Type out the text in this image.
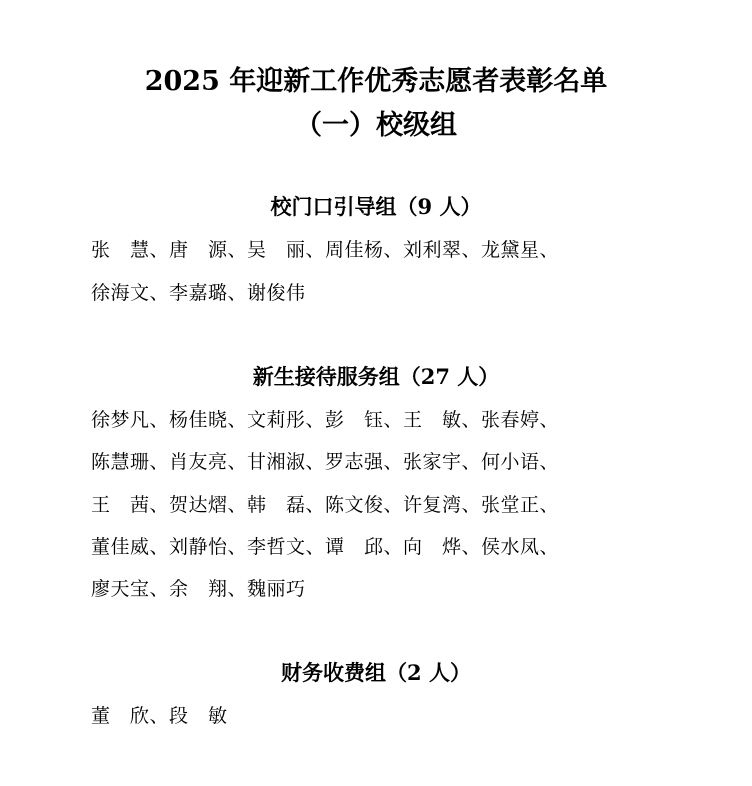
2025 年迎新工作优秀志愿者表彰名单
（一）校级组
校门口引导组（9 人）

张　慧、唐　源、吴　丽、周佳杨、刘利翠、龙黛星、

徐海文、李嘉璐、谢俊伟

新生接待服务组（27 人）

徐梦凡、杨佳晓、文莉彤、彭　钰、王　敏、张春婷、

陈慧珊、肖友亮、甘湘淑、罗志强、张家宇、何小语、

王　茜、贺达熠、韩　磊、陈文俊、许复湾、张堂正、

董佳威、刘静怡、李哲文、谭　邱、向　烨、侯水凤、

廖天宝、余　翔、魏丽巧

财务收费组（2 人）

董　欣、段　敏
